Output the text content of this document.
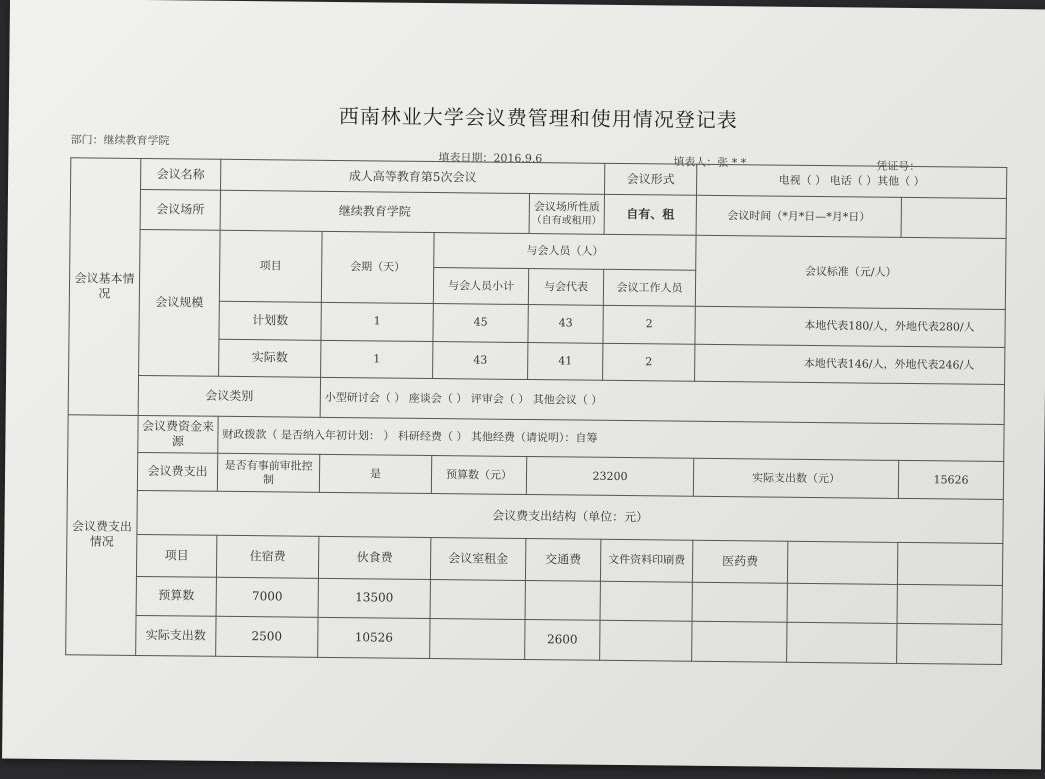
西南林业大学会议费管理和使用情况登记表
部门：继续教育学院
填表日期：2016.9.6	填表人：张 * *	凭证号：
会议基本情况	会议名称	成人高等教育第5次会议				会议形式	电视（ ） 电话（ ）其他（ ）		
	会议场所	继续教育学院			会议场所性质
（自有或租用）	自有、租	会议时间（*月*日—*月*日）		
	会议规模	项目	会期（天）	与会人员（人）			会议标准（元/人）		
				与会人员小计	与会代表	会议工作人员			
		计划数	1	45	43	2	本地代表180/人，外地代表280/人		
		实际数	1	43	41	2	本地代表146/人，外地代表246/人		
	会议类别		小型研讨会（ ） 座谈会（ ） 评审会（ ） 其他会议（ ）						
会议费支出情况	会议费资金来源	财政拨款（ 是否纳入年初计划： ） 科研经费（ ） 其他经费（请说明）：自筹							
	会议费支出	是否有事前审批控制	是	预算数（元）	23200		实际支出数（元）		15626
	会议费支出结构（单位：元）								
	项目	住宿费	伙食费	会议室租金	交通费	文件资料印刷费	医药费		
	预算数	7000	13500						
	实际支出数	2500	10526		2600				
